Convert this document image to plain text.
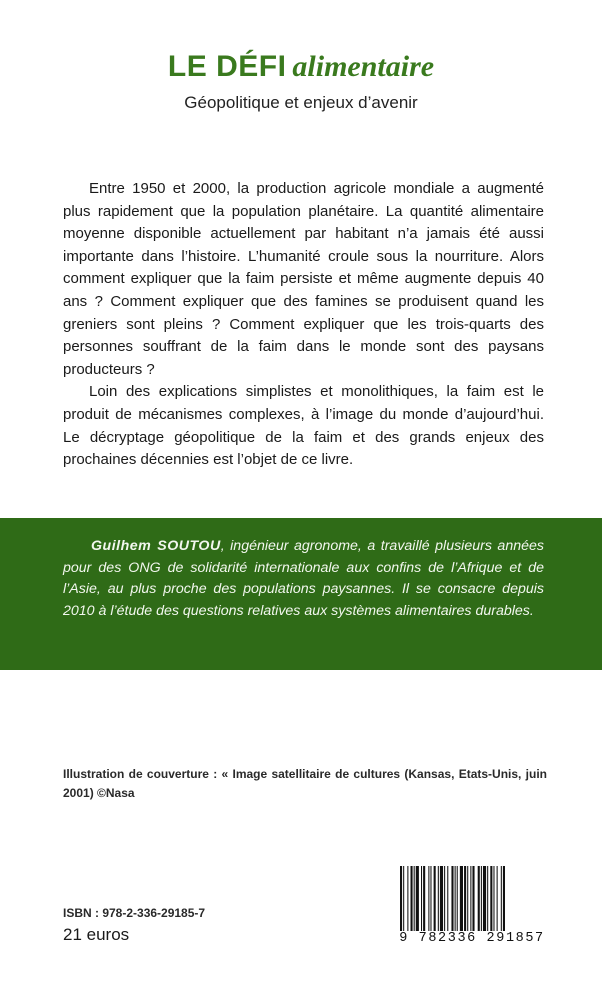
LE DÉFI alimentaire
Géopolitique et enjeux d’avenir

Entre 1950 et 2000, la production agricole mondiale a augmenté plus rapidement que la population planétaire. La quantité alimentaire moyenne disponible actuellement par habitant n’a jamais été aussi importante dans l’histoire. L’humanité croule sous la nourriture. Alors comment expliquer que la faim persiste et même augmente depuis 40 ans ? Comment expliquer que des famines se produisent quand les greniers sont pleins ? Comment expliquer que les trois-quarts des personnes souffrant de la faim dans le monde sont des paysans producteurs ?

Loin des explications simplistes et monolithiques, la faim est le produit de mécanismes complexes, à l’image du monde d’aujourd’hui. Le décryptage géopolitique de la faim et des grands enjeux des prochaines décennies est l’objet de ce livre.

Guilhem SOUTOU, ingénieur agronome, a travaillé plusieurs années pour des ONG de solidarité internationale aux confins de l’Afrique et de l’Asie, au plus proche des populations paysannes. Il se consacre depuis 2010 à l’étude des questions relatives aux systèmes alimentaires durables.

Illustration de couverture : « Image satellitaire de cultures (Kansas, Etats-Unis, juin 2001) ©Nasa
ISBN : 978-2-336-29185-7
21 euros	9 782336 291857
